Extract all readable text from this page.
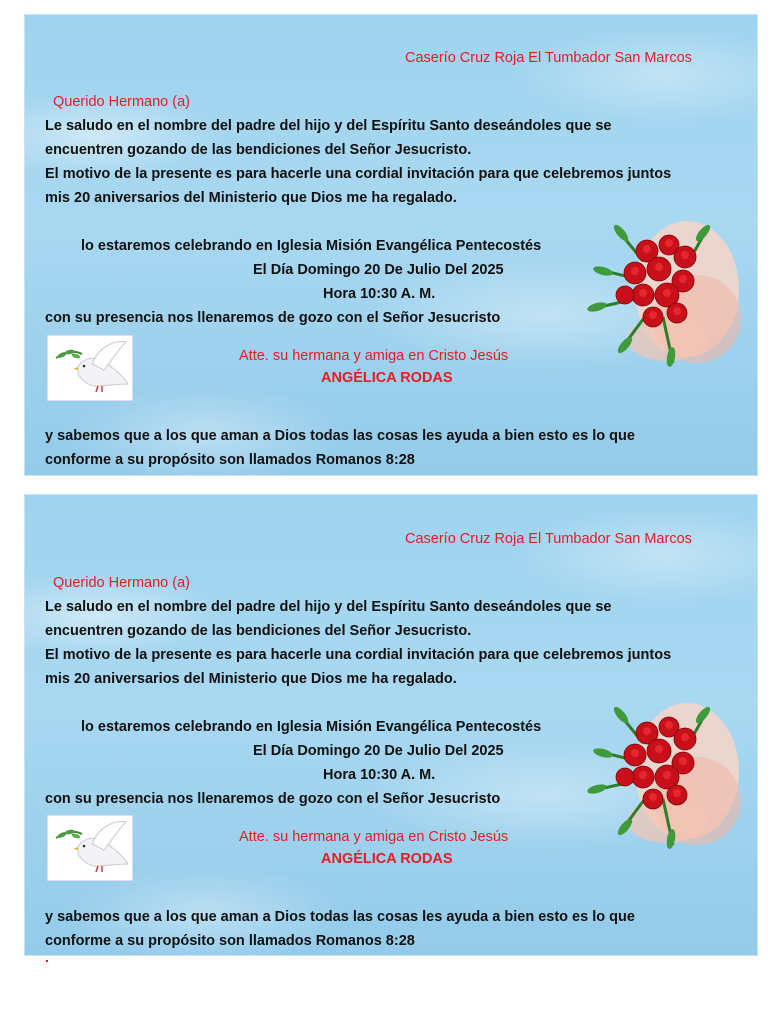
Caserío Cruz Roja El Tumbador San Marcos
Querido Hermano (a)
Le saludo en el nombre del padre del hijo y del Espíritu Santo deseándoles que se
encuentren gozando de las bendiciones del Señor Jesucristo.
El motivo de la presente es para hacerle una cordial invitación para que celebremos juntos
mis 20 aniversarios del Ministerio que Dios me ha regalado.
lo estaremos celebrando en Iglesia Misión Evangélica Pentecostés
El Día Domingo 20 De Julio Del 2025
Hora 10:30 A. M.
con su presencia nos llenaremos de gozo con el Señor Jesucristo
Atte. su hermana y amiga en Cristo Jesús
ANGÉLICA RODAS
y sabemos que a los que aman a Dios todas las cosas les ayuda a bien esto es lo que
conforme a su propósito son llamados Romanos 8:28
Caserío Cruz Roja El Tumbador San Marcos
Querido Hermano (a)
Le saludo en el nombre del padre del hijo y del Espíritu Santo deseándoles que se
encuentren gozando de las bendiciones del Señor Jesucristo.
El motivo de la presente es para hacerle una cordial invitación para que celebremos juntos
mis 20 aniversarios del Ministerio que Dios me ha regalado.
lo estaremos celebrando en Iglesia Misión Evangélica Pentecostés
El Día Domingo 20 De Julio Del 2025
Hora 10:30 A. M.
con su presencia nos llenaremos de gozo con el Señor Jesucristo
Atte. su hermana y amiga en Cristo Jesús
ANGÉLICA RODAS
y sabemos que a los que aman a Dios todas las cosas les ayuda a bien esto es lo que
conforme a su propósito son llamados Romanos 8:28
